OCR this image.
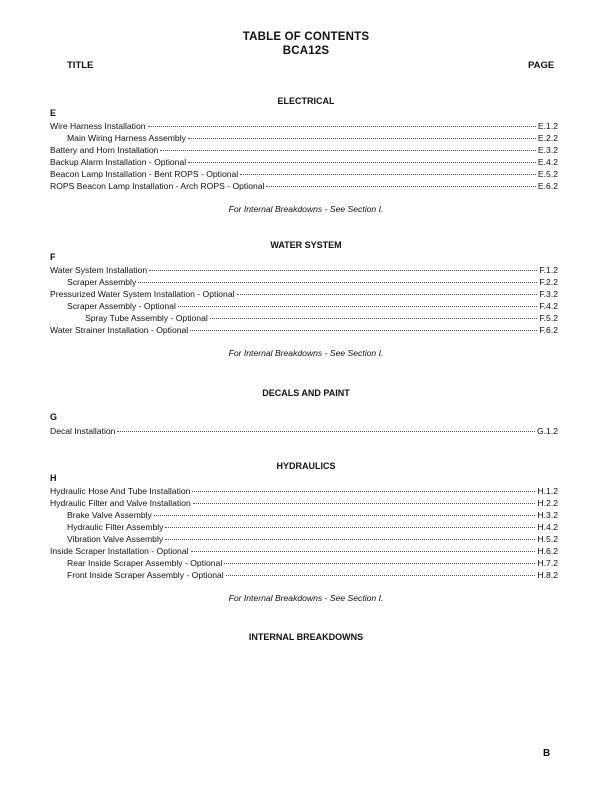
TABLE OF CONTENTS
BCA12S
TITLE	PAGE
ELECTRICAL
E
Wire Harness Installation	E.1.2
Main Wiring Harness Assembly	E.2.2
Battery and Horn Installation	E.3.2
Backup Alarm Installation - Optional	E.4.2
Beacon Lamp Installation - Bent ROPS - Optional	E.5.2
ROPS Beacon Lamp Installation - Arch ROPS - Optional	E.6.2
For Internal Breakdowns - See Section I.
WATER SYSTEM
F
Water System Installation	F.1.2
Scraper Assembly	F.2.2
Pressurized Water System Installation - Optional	F.3.2
Scraper Assembly - Optional	F.4.2
Spray Tube Assembly - Optional	F.5.2
Water Strainer Installation - Optional	F.6.2
For Internal Breakdowns - See Section I.
DECALS AND PAINT
G
Decal Installation	G.1.2
HYDRAULICS
H
Hydraulic Hose And Tube Installation	H.1.2
Hydraulic Filter and Valve Installation	H.2.2
Brake Valve Assembly	H.3.2
Hydraulic Filter Assembly	H.4.2
Vibration Valve Assembly	H.5.2
Inside Scraper Installation - Optional	H.6.2
Rear Inside Scraper Assembly - Optional	H.7.2
Front Inside Scraper Assembly - Optional	H.8.2
For Internal Breakdowns - See Section I.
INTERNAL BREAKDOWNS
B
